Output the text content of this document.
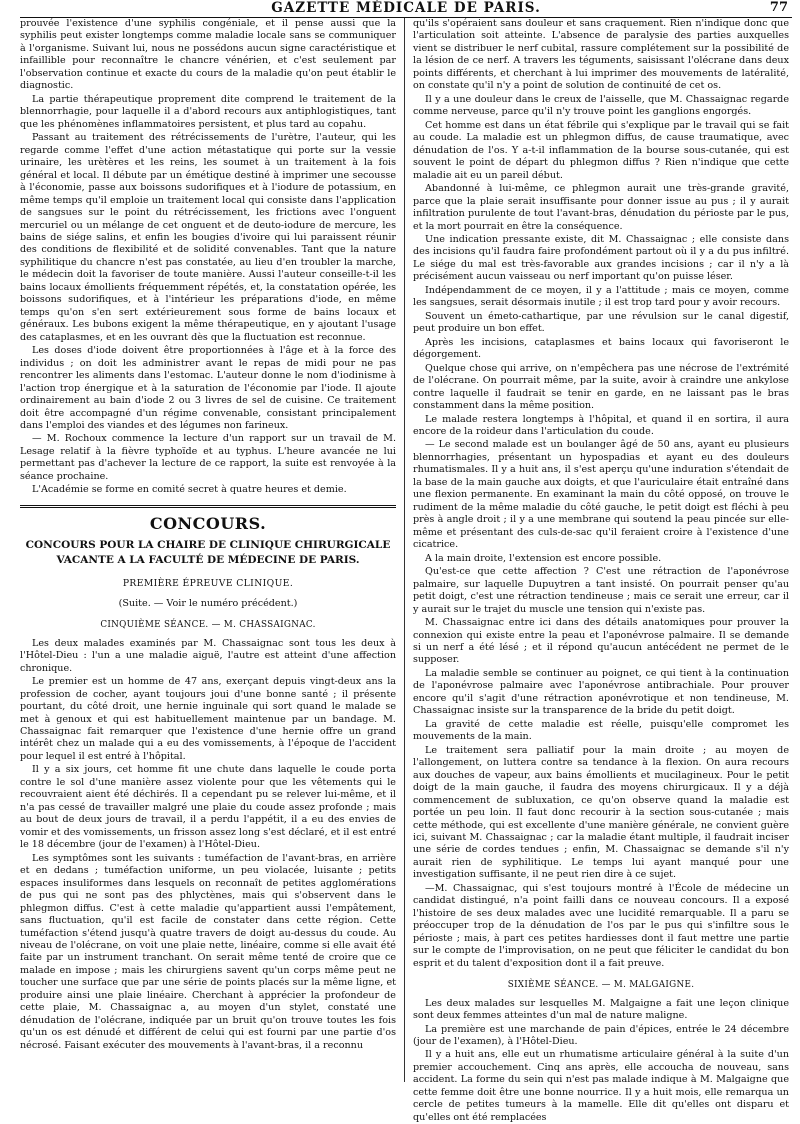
GAZETTE MÉDICALE DE PARIS.	77

prouvée l'existence d'une syphilis congéniale, et il pense aussi que la syphilis peut exister longtemps comme maladie locale sans se communiquer à l'organisme. Suivant lui, nous ne possédons aucun signe caractéristique et infaillible pour reconnaître le chancre vénérien, et c'est seulement par l'observation continue et exacte du cours de la maladie qu'on peut établir le diagnostic.

La partie thérapeutique proprement dite comprend le traitement de la blennorrhagie, pour laquelle il a d'abord recours aux antiphlogistiques, tant que les phénomènes inflammatoires persistent, et plus tard au copahu.

Passant au traitement des rétrécissements de l'urètre, l'auteur, qui les regarde comme l'effet d'une action métastatique qui porte sur la vessie urinaire, les urètères et les reins, les soumet à un traitement à la fois général et local. Il débute par un émétique destiné à imprimer une secousse à l'économie, passe aux boissons sudorifiques et à l'iodure de potassium, en même temps qu'il emploie un traitement local qui consiste dans l'application de sangsues sur le point du rétrécissement, les frictions avec l'onguent mercuriel ou un mélange de cet onguent et de deuto-iodure de mercure, les bains de siége salins, et enfin les bougies d'ivoire qui lui paraissent réunir des conditions de flexibilité et de solidité convenables. Tant que la nature syphilitique du chancre n'est pas constatée, au lieu d'en troubler la marche, le médecin doit la favoriser de toute manière. Aussi l'auteur conseille-t-il les bains locaux émollients fréquemment répétés, et, la constatation opérée, les boissons sudorifiques, et à l'intérieur les préparations d'iode, en même temps qu'on s'en sert extérieurement sous forme de bains locaux et généraux. Les bubons exigent la même thérapeutique, en y ajoutant l'usage des cataplasmes, et en les ouvrant dès que la fluctuation est reconnue.

Les doses d'iode doivent être proportionnées à l'âge et à la force des individus ; on doit les administrer avant le repas de midi pour ne pas rencontrer les aliments dans l'estomac. L'auteur donne le nom d'iodinisme à l'action trop énergique et à la saturation de l'économie par l'iode. Il ajoute ordinairement au bain d'iode 2 ou 3 livres de sel de cuisine. Ce traitement doit être accompagné d'un régime convenable, consistant principalement dans l'emploi des viandes et des légumes non farineux.

— M. Rochoux commence la lecture d'un rapport sur un travail de M. Lesage relatif à la fièvre typhoïde et au typhus. L'heure avancée ne lui permettant pas d'achever la lecture de ce rapport, la suite est renvoyée à la séance prochaine.

L'Académie se forme en comité secret à quatre heures et demie.

CONCOURS.
CONCOURS POUR LA CHAIRE DE CLINIQUE CHIRURGICALE
VACANTE A LA FACULTÉ DE MÉDECINE DE PARIS.
PREMIÈRE ÉPREUVE CLINIQUE.
(Suite. — Voir le numéro précédent.)
CINQUIÈME SÉANCE. — M. CHASSAIGNAC.

Les deux malades examinés par M. Chassaignac sont tous les deux à l'Hôtel-Dieu : l'un a une maladie aiguë, l'autre est atteint d'une affection chronique.

Le premier est un homme de 47 ans, exerçant depuis vingt-deux ans la profession de cocher, ayant toujours joui d'une bonne santé ; il présente pourtant, du côté droit, une hernie inguinale qui sort quand le malade se met à genoux et qui est habituellement maintenue par un bandage. M. Chassaignac fait remarquer que l'existence d'une hernie offre un grand intérêt chez un malade qui a eu des vomissements, à l'époque de l'accident pour lequel il est entré à l'hôpital.

Il y a six jours, cet homme fit une chute dans laquelle le coude porta contre le sol d'une manière assez violente pour que les vêtements qui le recouvraient aient été déchirés. Il a cependant pu se relever lui-même, et il n'a pas cessé de travailler malgré une plaie du coude assez profonde ; mais au bout de deux jours de travail, il a perdu l'appétit, il a eu des envies de vomir et des vomissements, un frisson assez long s'est déclaré, et il est entré le 18 décembre (jour de l'examen) à l'Hôtel-Dieu.

Les symptômes sont les suivants : tuméfaction de l'avant-bras, en arrière et en dedans ; tuméfaction uniforme, un peu violacée, luisante ; petits espaces insuliformes dans lesquels on reconnaît de petites agglomérations de pus qui ne sont pas des phlyctènes, mais qui s'observent dans le phlegmon diffus. C'est à cette maladie qu'appartient aussi l'empâtement, sans fluctuation, qu'il est facile de constater dans cette région. Cette tuméfaction s'étend jusqu'à quatre travers de doigt au-dessus du coude. Au niveau de l'olécrane, on voit une plaie nette, linéaire, comme si elle avait été faite par un instrument tranchant. On serait même tenté de croire que ce malade en impose ; mais les chirurgiens savent qu'un corps même peut ne toucher une surface que par une série de points placés sur la même ligne, et produire ainsi une plaie linéaire. Cherchant à apprécier la profondeur de cette plaie, M. Chassaignac a, au moyen d'un stylet, constaté une dénudation de l'olécrane, indiquée par un bruit qu'on trouve toutes les fois qu'un os est dénudé et différent de celui qui est fourni par une partie d'os nécrosé. Faisant exécuter des mouvements à l'avant-bras, il a reconnu

qu'ils s'opéraient sans douleur et sans craquement. Rien n'indique donc que l'articulation soit atteinte. L'absence de paralysie des parties auxquelles vient se distribuer le nerf cubital, rassure complétement sur la possibilité de la lésion de ce nerf. A travers les téguments, saisissant l'olécrane dans deux points différents, et cherchant à lui imprimer des mouvements de latéralité, on constate qu'il n'y a point de solution de continuité de cet os.

Il y a une douleur dans le creux de l'aisselle, que M. Chassaignac regarde comme nerveuse, parce qu'il n'y trouve point les ganglions engorgés.

Cet homme est dans un état fébrile qui s'explique par le travail qui se fait au coude. La maladie est un phlegmon diffus, de cause traumatique, avec dénudation de l'os. Y a-t-il inflammation de la bourse sous-cutanée, qui est souvent le point de départ du phlegmon diffus ? Rien n'indique que cette maladie ait eu un pareil début.

Abandonné à lui-même, ce phlegmon aurait une très-grande gravité, parce que la plaie serait insuffisante pour donner issue au pus ; il y aurait infiltration purulente de tout l'avant-bras, dénudation du périoste par le pus, et la mort pourrait en être la conséquence.

Une indication pressante existe, dit M. Chassaignac ; elle consiste dans des incisions qu'il faudra faire profondément partout où il y a du pus infiltré. Le siége du mal est très-favorable aux grandes incisions ; car il n'y a là précisément aucun vaisseau ou nerf important qu'on puisse léser.

Indépendamment de ce moyen, il y a l'attitude ; mais ce moyen, comme les sangsues, serait désormais inutile ; il est trop tard pour y avoir recours.

Souvent un émeto-cathartique, par une révulsion sur le canal digestif, peut produire un bon effet.

Après les incisions, cataplasmes et bains locaux qui favoriseront le dégorgement.

Quelque chose qui arrive, on n'empêchera pas une nécrose de l'extrémité de l'olécrane. On pourrait même, par la suite, avoir à craindre une ankylose contre laquelle il faudrait se tenir en garde, en ne laissant pas le bras constamment dans la même position.

Le malade restera longtemps à l'hôpital, et quand il en sortira, il aura encore de la roideur dans l'articulation du coude.

— Le second malade est un boulanger âgé de 50 ans, ayant eu plusieurs blennorrhagies, présentant un hypospadias et ayant eu des douleurs rhumatismales. Il y a huit ans, il s'est aperçu qu'une induration s'étendait de la base de la main gauche aux doigts, et que l'auriculaire était entraîné dans une flexion permanente. En examinant la main du côté opposé, on trouve le rudiment de la même maladie du côté gauche, le petit doigt est fléchi à peu près à angle droit ; il y a une membrane qui soutend la peau pincée sur elle-même et présentant des culs-de-sac qu'il feraient croire à l'existence d'une cicatrice.

A la main droite, l'extension est encore possible.

Qu'est-ce que cette affection ? C'est une rétraction de l'aponévrose palmaire, sur laquelle Dupuytren a tant insisté. On pourrait penser qu'au petit doigt, c'est une rétraction tendineuse ; mais ce serait une erreur, car il y aurait sur le trajet du muscle une tension qui n'existe pas.

M. Chassaignac entre ici dans des détails anatomiques pour prouver la connexion qui existe entre la peau et l'aponévrose palmaire. Il se demande si un nerf a été lésé ; et il répond qu'aucun antécédent ne permet de le supposer.

La maladie semble se continuer au poignet, ce qui tient à la continuation de l'aponévrose palmaire avec l'aponévrose antibrachiale. Pour prouver encore qu'il s'agit d'une rétraction aponévrotique et non tendineuse, M. Chassaignac insiste sur la transparence de la bride du petit doigt.

La gravité de cette maladie est réelle, puisqu'elle compromet les mouvements de la main.

Le traitement sera palliatif pour la main droite ; au moyen de l'allongement, on luttera contre sa tendance à la flexion. On aura recours aux douches de vapeur, aux bains émollients et mucilagineux. Pour le petit doigt de la main gauche, il faudra des moyens chirurgicaux. Il y a déjà commencement de subluxation, ce qu'on observe quand la maladie est portée un peu loin. Il faut donc recourir à la section sous-cutanée ; mais cette méthode, qui est excellente d'une manière générale, ne convient guère ici, suivant M. Chassaignac ; car la maladie étant multiple, il faudrait inciser une série de cordes tendues ; enfin, M. Chassaignac se demande s'il n'y aurait rien de syphilitique. Le temps lui ayant manqué pour une investigation suffisante, il ne peut rien dire à ce sujet.

—M. Chassaignac, qui s'est toujours montré à l'École de médecine un candidat distingué, n'a point failli dans ce nouveau concours. Il a exposé l'histoire de ses deux malades avec une lucidité remarquable. Il a paru se préoccuper trop de la dénudation de l'os par le pus qui s'infiltre sous le périoste ; mais, à part ces petites hardiesses dont il faut mettre une partie sur le compte de l'improvisation, on ne peut que féliciter le candidat du bon esprit et du talent d'exposition dont il a fait preuve.

SIXIÈME SÉANCE. — M. MALGAIGNE.

Les deux malades sur lesquelles M. Malgaigne a fait une leçon clinique sont deux femmes atteintes d'un mal de nature maligne.

La première est une marchande de pain d'épices, entrée le 24 décembre (jour de l'examen), à l'Hôtel-Dieu.

Il y a huit ans, elle eut un rhumatisme articulaire général à la suite d'un premier accouchement. Cinq ans après, elle accoucha de nouveau, sans accident. La forme du sein qui n'est pas malade indique à M. Malgaigne que cette femme doit être une bonne nourrice. Il y a huit mois, elle remarqua un cercle de petites tumeurs à la mamelle. Elle dit qu'elles ont disparu et qu'elles ont été remplacées
